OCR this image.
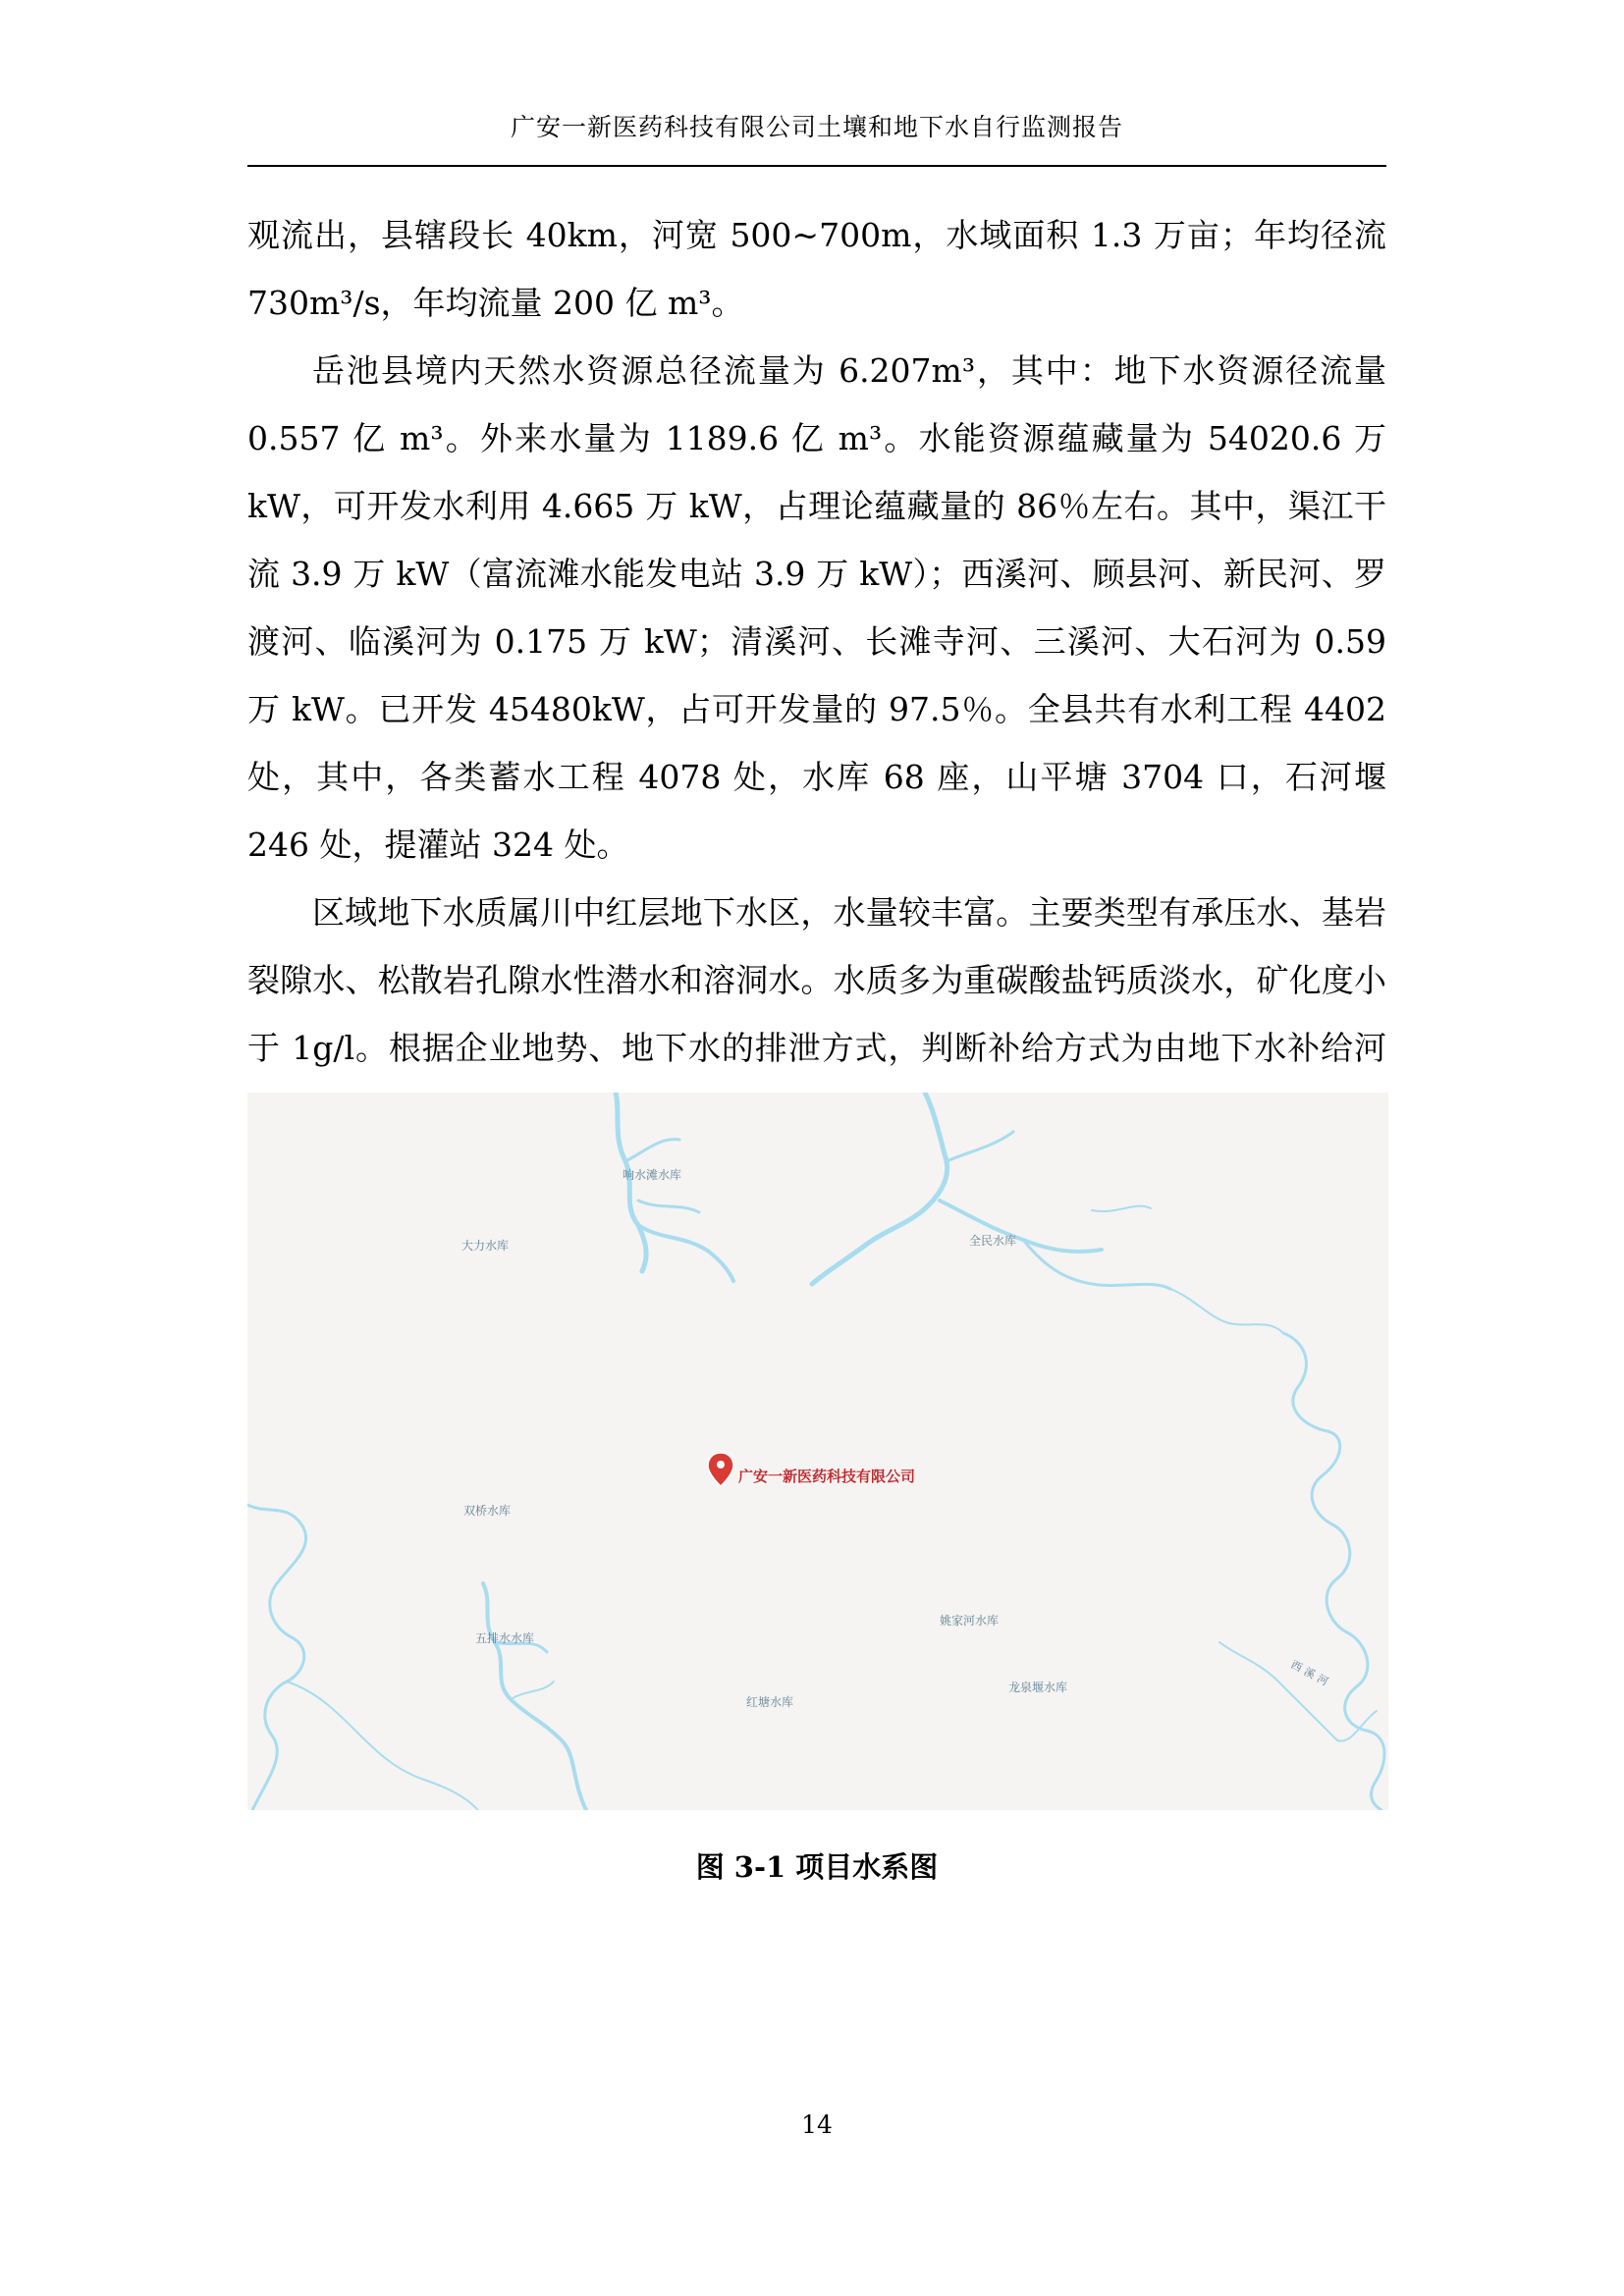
广安一新医药科技有限公司土壤和地下水自行监测报告

观流出，县辖段长 40km，河宽 500~700m，水域面积 1.3 万亩；年均径流 730m³/s，年均流量 200 亿 m³。

岳池县境内天然水资源总径流量为 6.207m³，其中：地下水资源径流量 0.557 亿 m³。外来水量为 1189.6 亿 m³。水能资源蕴藏量为 54020.6 万 kW，可开发水利用 4.665 万 kW，占理论蕴藏量的 86％左右。其中，渠江干流 3.9 万 kW（富流滩水能发电站 3.9 万 kW）；西溪河、顾县河、新民河、罗渡河、临溪河为 0.175 万 kW；清溪河、长滩寺河、三溪河、大石河为 0.59 万 kW。已开发 45480kW，占可开发量的 97.5％。全县共有水利工程 4402 处，其中，各类蓄水工程 4078 处，水库 68 座，山平塘 3704 口，石河堰 246 处，提灌站 324 处。

区域地下水质属川中红层地下水区，水量较丰富。主要类型有承压水、基岩裂隙水、松散岩孔隙水性潜水和溶洞水。水质多为重碳酸盐钙质淡水，矿化度小于 1g/l。根据企业地势、地下水的排泄方式，判断补给方式为由地下水补给河

响水滩水库
大力水库	全民水库
双桥水库
五排水水库
姚家河水库
红塘水库
龙泉堰水库	西溪河
广安一新医药科技有限公司
图 3-1 项目水系图
14
